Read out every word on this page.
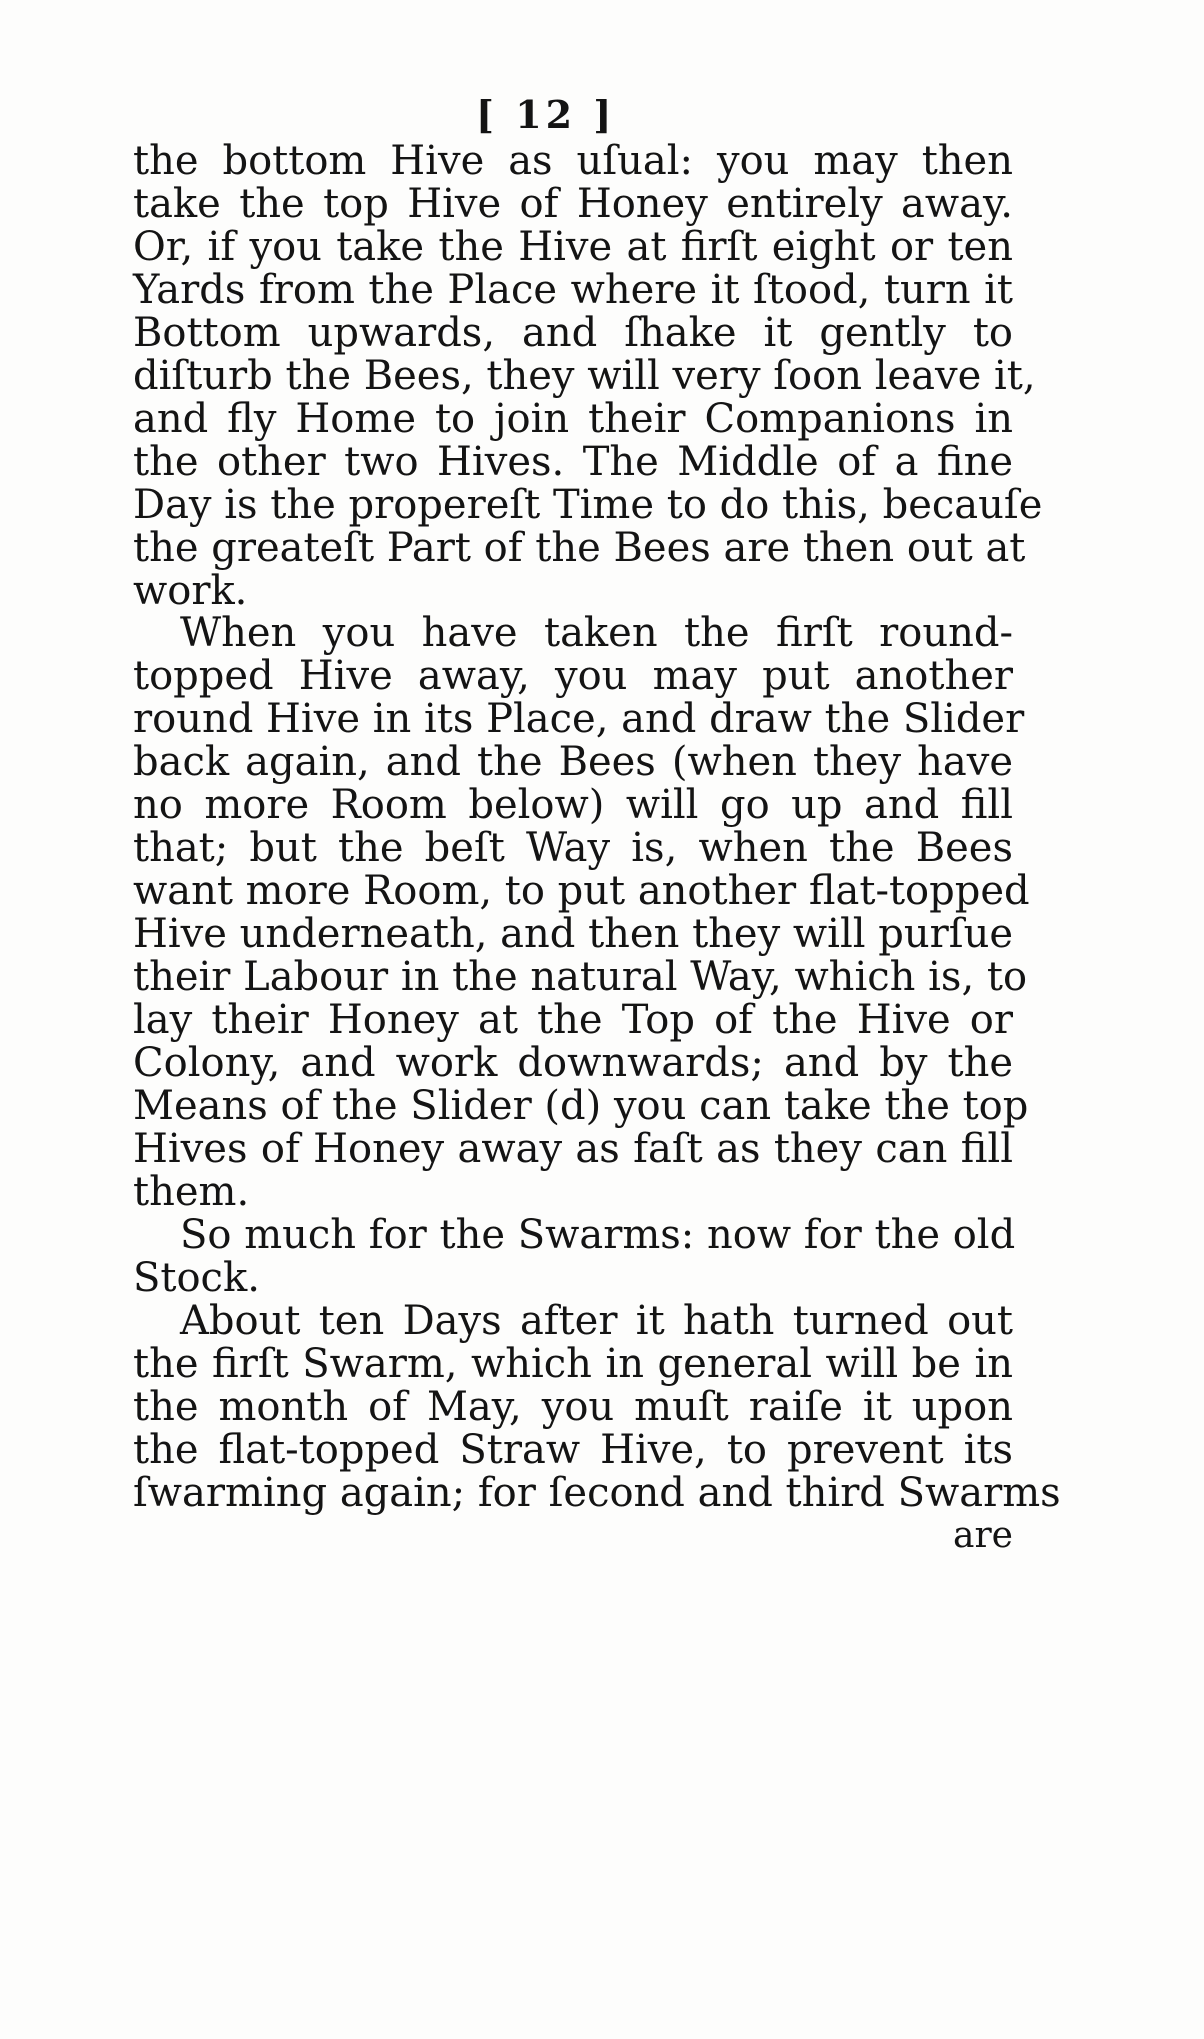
[ 12 ]
the bottom Hive as uſual: you may then
take the top Hive of Honey entirely away.
Or, if you take the Hive at firſt eight or ten
Yards from the Place where it ſtood, turn it
Bottom upwards, and ſhake it gently to
diſturb the Bees, they will very ſoon leave it,
and fly Home to join their Companions in
the other two Hives. The Middle of a fine
Day is the propereſt Time to do this, becauſe
the greateſt Part of the Bees are then out at
work.
When you have taken the firſt round-
topped Hive away, you may put another
round Hive in its Place, and draw the Slider
back again, and the Bees (when they have
no more Room below) will go up and fill
that; but the beſt Way is, when the Bees
want more Room, to put another flat-topped
Hive underneath, and then they will purſue
their Labour in the natural Way, which is, to
lay their Honey at the Top of the Hive or
Colony, and work downwards; and by the
Means of the Slider (d) you can take the top
Hives of Honey away as faſt as they can fill
them.
So much for the Swarms: now for the old
Stock.
About ten Days after it hath turned out
the firſt Swarm, which in general will be in
the month of May, you muſt raiſe it upon
the flat-topped Straw Hive, to prevent its
ſwarming again; for ſecond and third Swarms
are
